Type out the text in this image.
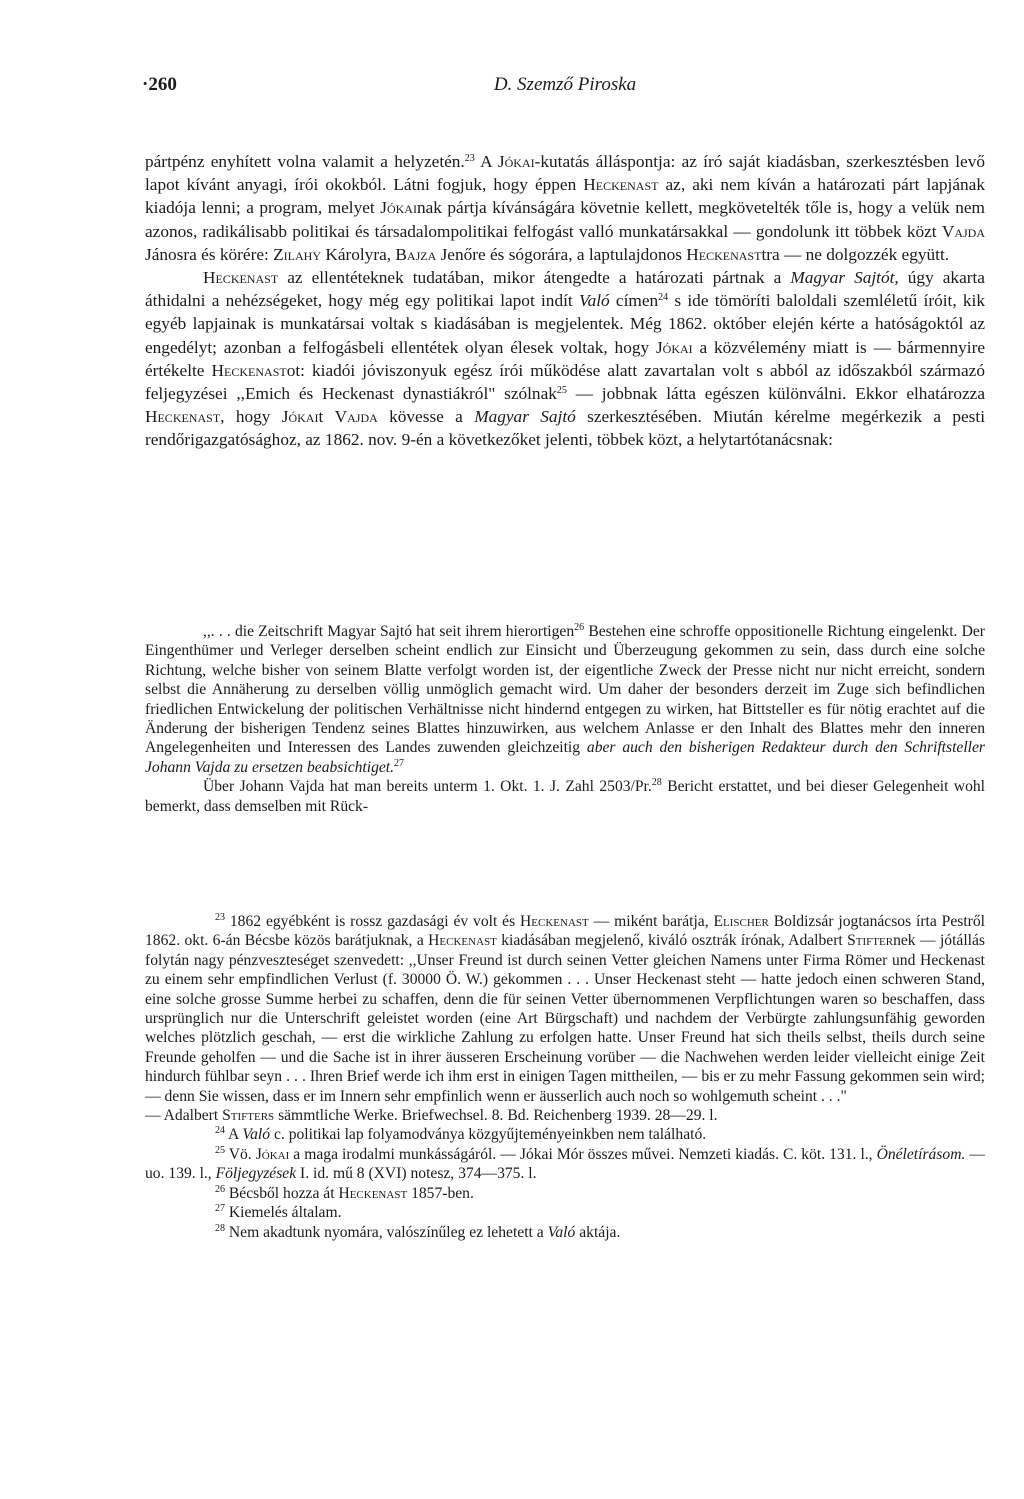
·260	D. Szemző Piroska

pártpénz enyhített volna valamit a helyzetén.$^{23}$ A Jókai-kutatás álláspontja: az író saját kiadásban, szerkesztésben levő lapot kívánt anyagi, írói okokból. Látni fogjuk, hogy éppen Heckenast az, aki nem kíván a határozati párt lapjának kiadója lenni; a program, melyet Jókainak pártja kívánságára követnie kellett, megkövetelték tőle is, hogy a velük nem azonos, radikálisabb politikai és társadalompolitikai felfogást valló munkatársakkal — gondolunk itt többek közt Vajda Jánosra és körére: Zilahy Károlyra, Bajza Jenőre és sógorára, a laptulajdonos Heckenasttra — ne dolgozzék együtt.

Heckenast az ellentéteknek tudatában, mikor átengedte a határozati pártnak a Magyar Sajtót, úgy akarta áthidalni a nehézségeket, hogy még egy politikai lapot indít Való címen$^{24}$ s ide tömöríti baloldali szemléletű íróit, kik egyéb lapjainak is munkatársai voltak s kiadásában is megjelentek. Még 1862. október elején kérte a hatóságoktól az engedélyt; azonban a felfogásbeli ellentétek olyan élesek voltak, hogy Jókai a közvélemény miatt is — bármennyire értékelte Heckenastot: kiadói jóviszonyuk egész írói működése alatt zavartalan volt s abból az időszakból származó feljegyzései ,,Emich és Heckenast dynastiákról" szólnak$^{25}$ — jobbnak látta egészen különválni. Ekkor elhatározza Heckenast, hogy Jókait Vajda kövesse a Magyar Sajtó szerkesztésében. Miután kérelme megérkezik a pesti rendőrigazgatósághoz, az 1862. nov. 9-én a következőket jelenti, többek közt, a helytartótanácsnak:

,,. . . die Zeitschrift Magyar Sajtó hat seit ihrem hierortigen$^{26}$ Bestehen eine schroffe oppositionelle Richtung eingelenkt. Der Eingenthümer und Verleger derselben scheint endlich zur Einsicht und Überzeugung gekommen zu sein, dass durch eine solche Richtung, welche bisher von seinem Blatte verfolgt worden ist, der eigentliche Zweck der Presse nicht nur nicht erreicht, sondern selbst die Annäherung zu derselben völlig unmöglich gemacht wird. Um daher der besonders derzeit im Zuge sich befindlichen friedlichen Entwickelung der politischen Verhältnisse nicht hindernd entgegen zu wirken, hat Bittsteller es für nötig erachtet auf die Änderung der bisherigen Tendenz seines Blattes hinzuwirken, aus welchem Anlasse er den Inhalt des Blattes mehr den inneren Angelegenheiten und Interessen des Landes zuwenden gleichzeitig aber auch den bisherigen Redakteur durch den Schriftsteller Johann Vajda zu ersetzen beabsichtiget.$^{27}$

Über Johann Vajda hat man bereits unterm 1. Okt. 1. J. Zahl 2503/Pr.$^{28}$ Bericht erstattet, und bei dieser Gelegenheit wohl bemerkt, dass demselben mit Rück-

$^{23}$ 1862 egyébként is rossz gazdasági év volt és Heckenast — miként barátja, Elischer Boldizsár jogtanácsos írta Pestről 1862. okt. 6-án Bécsbe közös barátjuknak, a Heckenast kiadásában megjelenő, kiváló osztrák írónak, Adalbert Stifternek — jótállás folytán nagy pénzveszteséget szenvedett: ,,Unser Freund ist durch seinen Vetter gleichen Namens unter Firma Römer und Heckenast zu einem sehr empfindlichen Verlust (f. 30000 Ö. W.) gekommen . . . Unser Heckenast steht — hatte jedoch einen schweren Stand, eine solche grosse Summe herbei zu schaffen, denn die für seinen Vetter übernommenen Verpflichtungen waren so beschaffen, dass ursprünglich nur die Unterschrift geleistet worden (eine Art Bürgschaft) und nachdem der Verbürgte zahlungsunfähig geworden welches plötzlich geschah, — erst die wirkliche Zahlung zu erfolgen hatte. Unser Freund hat sich theils selbst, theils durch seine Freunde geholfen — und die Sache ist in ihrer äusseren Erscheinung vorüber — die Nachwehen werden leider vielleicht einige Zeit hindurch fühlbar seyn . . . Ihren Brief werde ich ihm erst in einigen Tagen mittheilen, — bis er zu mehr Fassung gekommen sein wird; — denn Sie wissen, dass er im Innern sehr empfinlich wenn er äusserlich auch noch so wohlgemuth scheint . . ."

— Adalbert Stifters sämmtliche Werke. Briefwechsel. 8. Bd. Reichenberg 1939. 28—29. l.

$^{24}$ A Való c. politikai lap folyamodványa közgyűjteményeinkben nem található.

$^{25}$ Vö. Jókai a maga irodalmi munkásságáról. — Jókai Mór összes művei. Nemzeti kiadás. C. köt. 131. l., Önéletírásom. — uo. 139. l., Följegyzések I. id. mű 8 (XVI) notesz, 374—375. l.

$^{26}$ Bécsből hozza át Heckenast 1857-ben.

$^{27}$ Kiemelés általam.

$^{28}$ Nem akadtunk nyomára, valószínűleg ez lehetett a Való aktája.
